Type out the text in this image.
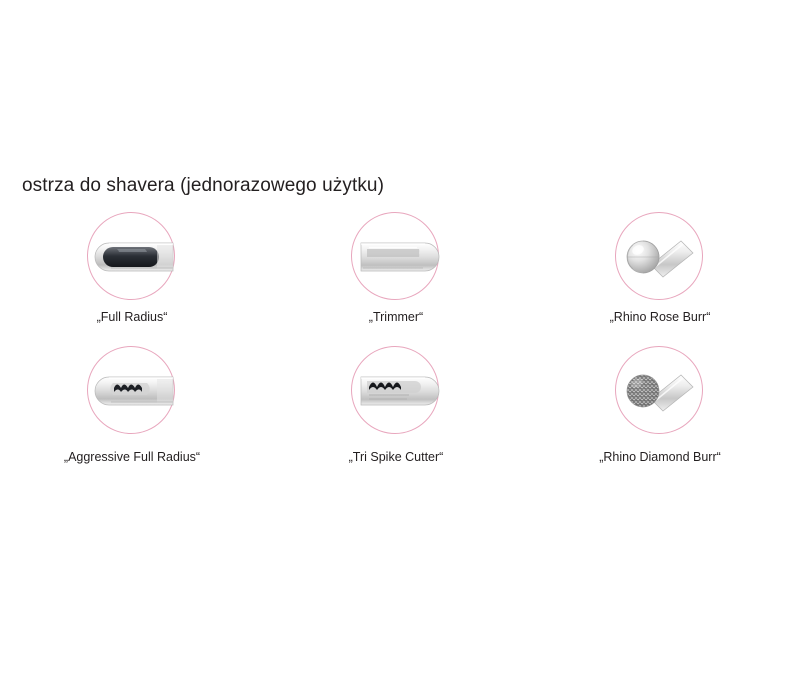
ostrza do shavera (jednorazowego użytku)
„Full Radius“	„Trimmer“	„Rhino Rose Burr“
„Aggressive Full Radius“	„Tri Spike Cutter“	„Rhino Diamond Burr“
